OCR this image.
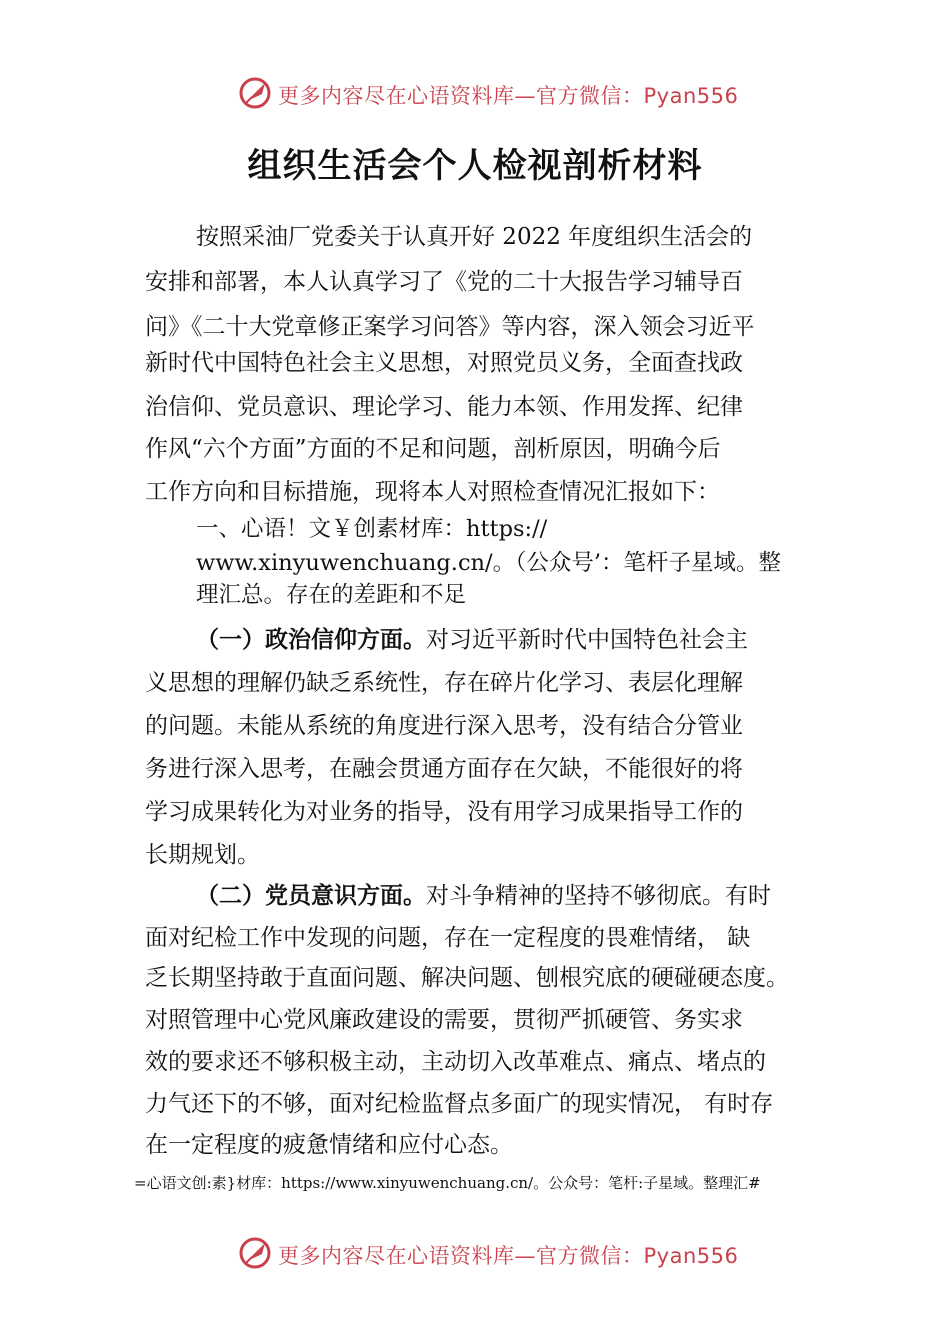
更多内容尽在心语资料库—官方微信：Pyan556
组织生活会个人检视剖析材料
按照采油厂党委关于认真开好 2022 年度组织生活会的
安排和部署，本人认真学习了《党的二十大报告学习辅导百
问》《二十大党章修正案学习问答》等内容，深入领会习近平
新时代中国特色社会主义思想，对照党员义务，全面查找政
治信仰、党员意识、理论学习、能力本领、作用发挥、纪律
作风“六个方面”方面的不足和问题，剖析原因，明确今后
工作方向和目标措施，现将本人对照检查情况汇报如下：
一、心语！文￥创素材库：https://
www.xinyuwenchuang.cn/。（公众号’：笔杆子星域。整
理汇总。存在的差距和不足
（一）政治信仰方面。对习近平新时代中国特色社会主
义思想的理解仍缺乏系统性，存在碎片化学习、表层化理解
的问题。未能从系统的角度进行深入思考，没有结合分管业
务进行深入思考，在融会贯通方面存在欠缺，不能很好的将
学习成果转化为对业务的指导，没有用学习成果指导工作的
长期规划。
（二）党员意识方面。对斗争精神的坚持不够彻底。有时
面对纪检工作中发现的问题，存在一定程度的畏难情绪， 缺
乏长期坚持敢于直面问题、解决问题、刨根究底的硬碰硬态度。
对照管理中心党风廉政建设的需要，贯彻严抓硬管、务实求
效的要求还不够积极主动，主动切入改革难点、痛点、堵点的
力气还下的不够，面对纪检监督点多面广的现实情况， 有时存
在一定程度的疲惫情绪和应付心态。
=心语文创:素}材库：https://www.xinyuwenchuang.cn/。公众号：笔杆:子星域。整理汇#
更多内容尽在心语资料库—官方微信：Pyan556
